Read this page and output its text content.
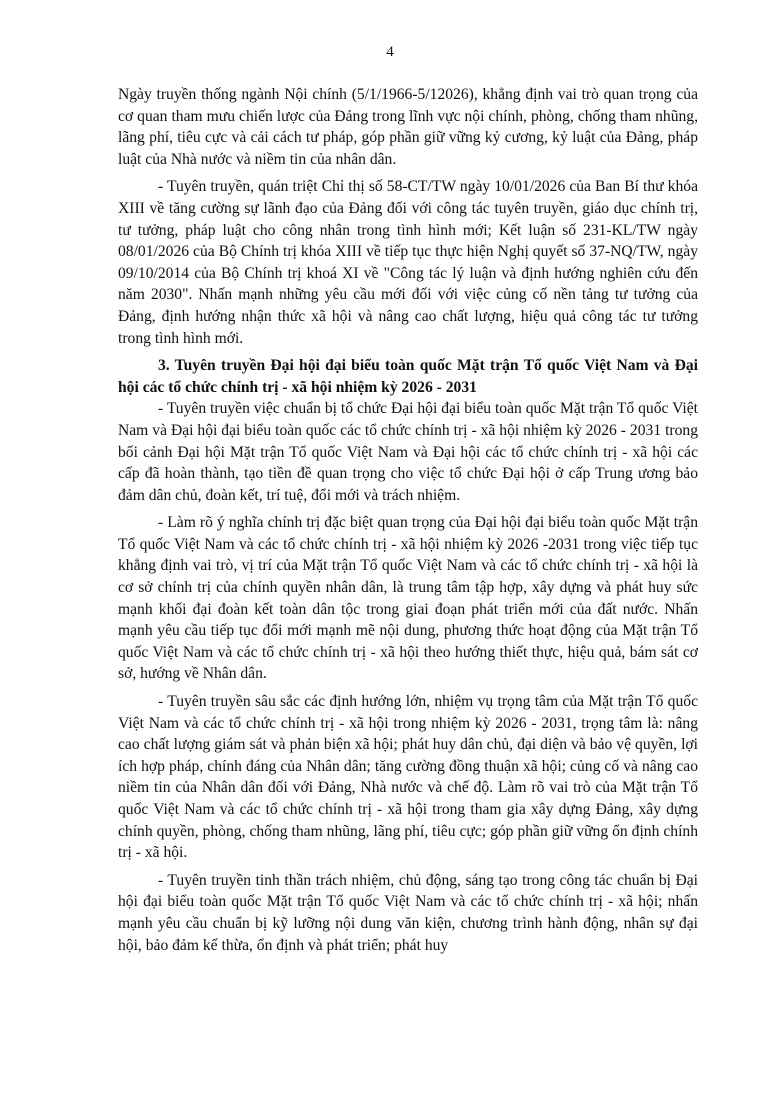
4

Ngày truyền thống ngành Nội chính (5/1/1966-5/12026), khẳng định vai trò quan trọng của cơ quan tham mưu chiến lược của Đảng trong lĩnh vực nội chính, phòng, chống tham nhũng, lãng phí, tiêu cực và cải cách tư pháp, góp phần giữ vững kỷ cương, kỷ luật của Đảng, pháp luật của Nhà nước và niềm tin của nhân dân.

- Tuyên truyền, quán triệt Chỉ thị số 58-CT/TW ngày 10/01/2026 của Ban Bí thư khóa XIII về tăng cường sự lãnh đạo của Đảng đối với công tác tuyên truyền, giáo dục chính trị, tư tưởng, pháp luật cho công nhân trong tình hình mới; Kết luận số 231-KL/TW ngày 08/01/2026 của Bộ Chính trị khóa XIII về tiếp tục thực hiện Nghị quyết số 37-NQ/TW, ngày 09/10/2014 của Bộ Chính trị khoá XI về "Công tác lý luận và định hướng nghiên cứu đến năm 2030". Nhấn mạnh những yêu cầu mới đối với việc củng cố nền tảng tư tưởng của Đảng, định hướng nhận thức xã hội và nâng cao chất lượng, hiệu quả công tác tư tưởng trong tình hình mới.

3. Tuyên truyền Đại hội đại biểu toàn quốc Mặt trận Tổ quốc Việt Nam và Đại hội các tổ chức chính trị - xã hội nhiệm kỳ 2026 - 2031

- Tuyên truyền việc chuẩn bị tổ chức Đại hội đại biểu toàn quốc Mặt trận Tổ quốc Việt Nam và Đại hội đại biểu toàn quốc các tổ chức chính trị - xã hội nhiệm kỳ 2026 - 2031 trong bối cảnh Đại hội Mặt trận Tổ quốc Việt Nam và Đại hội các tổ chức chính trị - xã hội các cấp đã hoàn thành, tạo tiền đề quan trọng cho việc tổ chức Đại hội ở cấp Trung ương bảo đảm dân chủ, đoàn kết, trí tuệ, đổi mới và trách nhiệm.

- Làm rõ ý nghĩa chính trị đặc biệt quan trọng của Đại hội đại biểu toàn quốc Mặt trận Tổ quốc Việt Nam và các tổ chức chính trị - xã hội nhiệm kỳ 2026 -2031 trong việc tiếp tục khẳng định vai trò, vị trí của Mặt trận Tổ quốc Việt Nam và các tổ chức chính trị - xã hội là cơ sở chính trị của chính quyền nhân dân, là trung tâm tập hợp, xây dựng và phát huy sức mạnh khối đại đoàn kết toàn dân tộc trong giai đoạn phát triển mới của đất nước. Nhấn mạnh yêu cầu tiếp tục đổi mới mạnh mẽ nội dung, phương thức hoạt động của Mặt trận Tổ quốc Việt Nam và các tổ chức chính trị - xã hội theo hướng thiết thực, hiệu quả, bám sát cơ sở, hướng về Nhân dân.

- Tuyên truyền sâu sắc các định hướng lớn, nhiệm vụ trọng tâm của Mặt trận Tổ quốc Việt Nam và các tổ chức chính trị - xã hội trong nhiệm kỳ 2026 - 2031, trọng tâm là: nâng cao chất lượng giám sát và phản biện xã hội; phát huy dân chủ, đại diện và bảo vệ quyền, lợi ích hợp pháp, chính đáng của Nhân dân; tăng cường đồng thuận xã hội; củng cố và nâng cao niềm tin của Nhân dân đối với Đảng, Nhà nước và chế độ. Làm rõ vai trò của Mặt trận Tổ quốc Việt Nam và các tổ chức chính trị - xã hội trong tham gia xây dựng Đảng, xây dựng chính quyền, phòng, chống tham nhũng, lãng phí, tiêu cực; góp phần giữ vững ổn định chính trị - xã hội.

- Tuyên truyền tinh thần trách nhiệm, chủ động, sáng tạo trong công tác chuẩn bị Đại hội đại biểu toàn quốc Mặt trận Tổ quốc Việt Nam và các tổ chức chính trị - xã hội; nhấn mạnh yêu cầu chuẩn bị kỹ lưỡng nội dung văn kiện, chương trình hành động, nhân sự đại hội, bảo đảm kế thừa, ổn định và phát triển; phát huy
